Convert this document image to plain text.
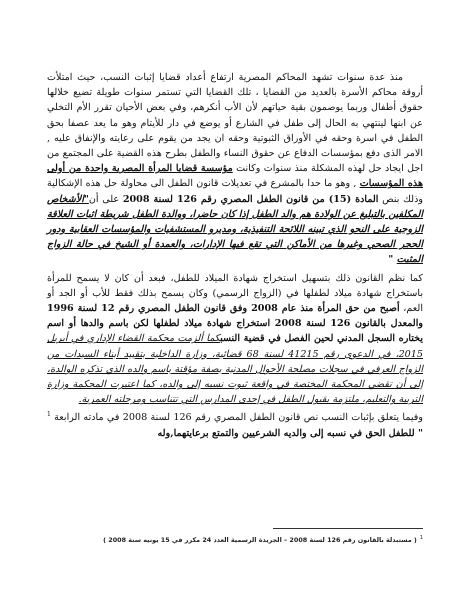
منذ عدة سنوات تشهد المحاكم المصرية ارتفاع أعداد قضايا إثبات النسب، حيث امتلأت أروقة محاكم الأسرة بالعديد من القضايا ، تلك القضايا التي تستمر سنوات طويلة تضيع خلالها حقوق أطفال وربما يوصمون بقية حياتهم لأن الأب أنكرهم، وفي بعض الأحيان تقرر الأم التخلي عن ابنها لينتهي به الحال إلى طفل في الشارع أو يوضع في دار للأيتام وهو ما يعد عصفا بحق الطفل في اسرة وحقه في الأوراق الثبوتية وحقه ان يجد من يقوم على رعايته والإنفاق عليه , الامر الذى دفع بمؤسسات الدفاع عن حقوق النساء والطفل بطرح هذه القضية على المجتمع من اجل ايجاد حل لهذه المشكلة منذ سنوات وكانت مؤسسة قضايا المرأة المصرية واحدة من أولى هذه المؤسسات , وهو ما حدا بالمشرع في تعديلات قانون الطفل الى محاولة حل هذه الإشكالية وذلك بنص المادة (15) من قانون الطفل المصري رقم 126 لسنة 2008 على أن"الأشخاص المكلفين بالتبليغ عن الولادة هم والد الطفل إذا كان حاضرا، ووالدة الطفل شريطة اثبات العلاقة الزوجية على النحو الذي تبينه اللائحة التنفيذية، ومديرو المستشفيات والمؤسسات العقابية ودور الحجر الصحي وغيرها من الأماكن التي تقع فيها الإدارات، والعمدة أو الشيخ في حالة الزواج المثبت "

كما نظم القانون ذلك بتسهيل استخراج شهادة الميلاد للطفل، فبعد أن كان لا يسمح للمرأة باستخراج شهادة ميلاد لطفلها في (الزواج الرسمي) وكان يسمح بذلك فقط للأب أو الجد أو العم، أصبح من حق المرأة منذ عام 2008 وفق قانون الطفل المصري رقم 12 لسنة 1996 والمعدل بالقانون 126 لسنة 2008 استخراج شهادة ميلاد لطفلها لكن باسم والدها أو اسم يختاره السجل المدني لحين الفصل في قضية النسبكما ألزمت محكمة القضاء الإداري في أبريل 2015، في الدعوى رقم 41215 لسنة 68 قضائية، وزارة الداخلية بتقييد أبناء السيدات من الزواج العرفي في سجلات مصلحة الأحوال المدنية بصفة مؤقتة باسم والده الذي تذكره الوالدة، إلى أن تقضي المحكمة المختصة في واقعة ثبوت نسبه إلى والده، كما اعتبرت المحكمة وزارة التربية والتعليم، ملتزمة بقبول الطفل في إحدى المدارس التي تتناسب ومرحلته العمرية.

وفيما يتعلق بإثبات النسب نص قانون الطفل المصري رقم 126 لسنة 2008 في مادته الرابعة $^1$ " للطفل الحق في نسبه إلى والديه الشرعيين والتمتع برعايتهما,وله

$^1$( مستبدلة بالقانون رقم 126 لسنة 2008 – الجريدة الرسمية العدد 24 مكرر في 15 يونيه سنة 2008 )
